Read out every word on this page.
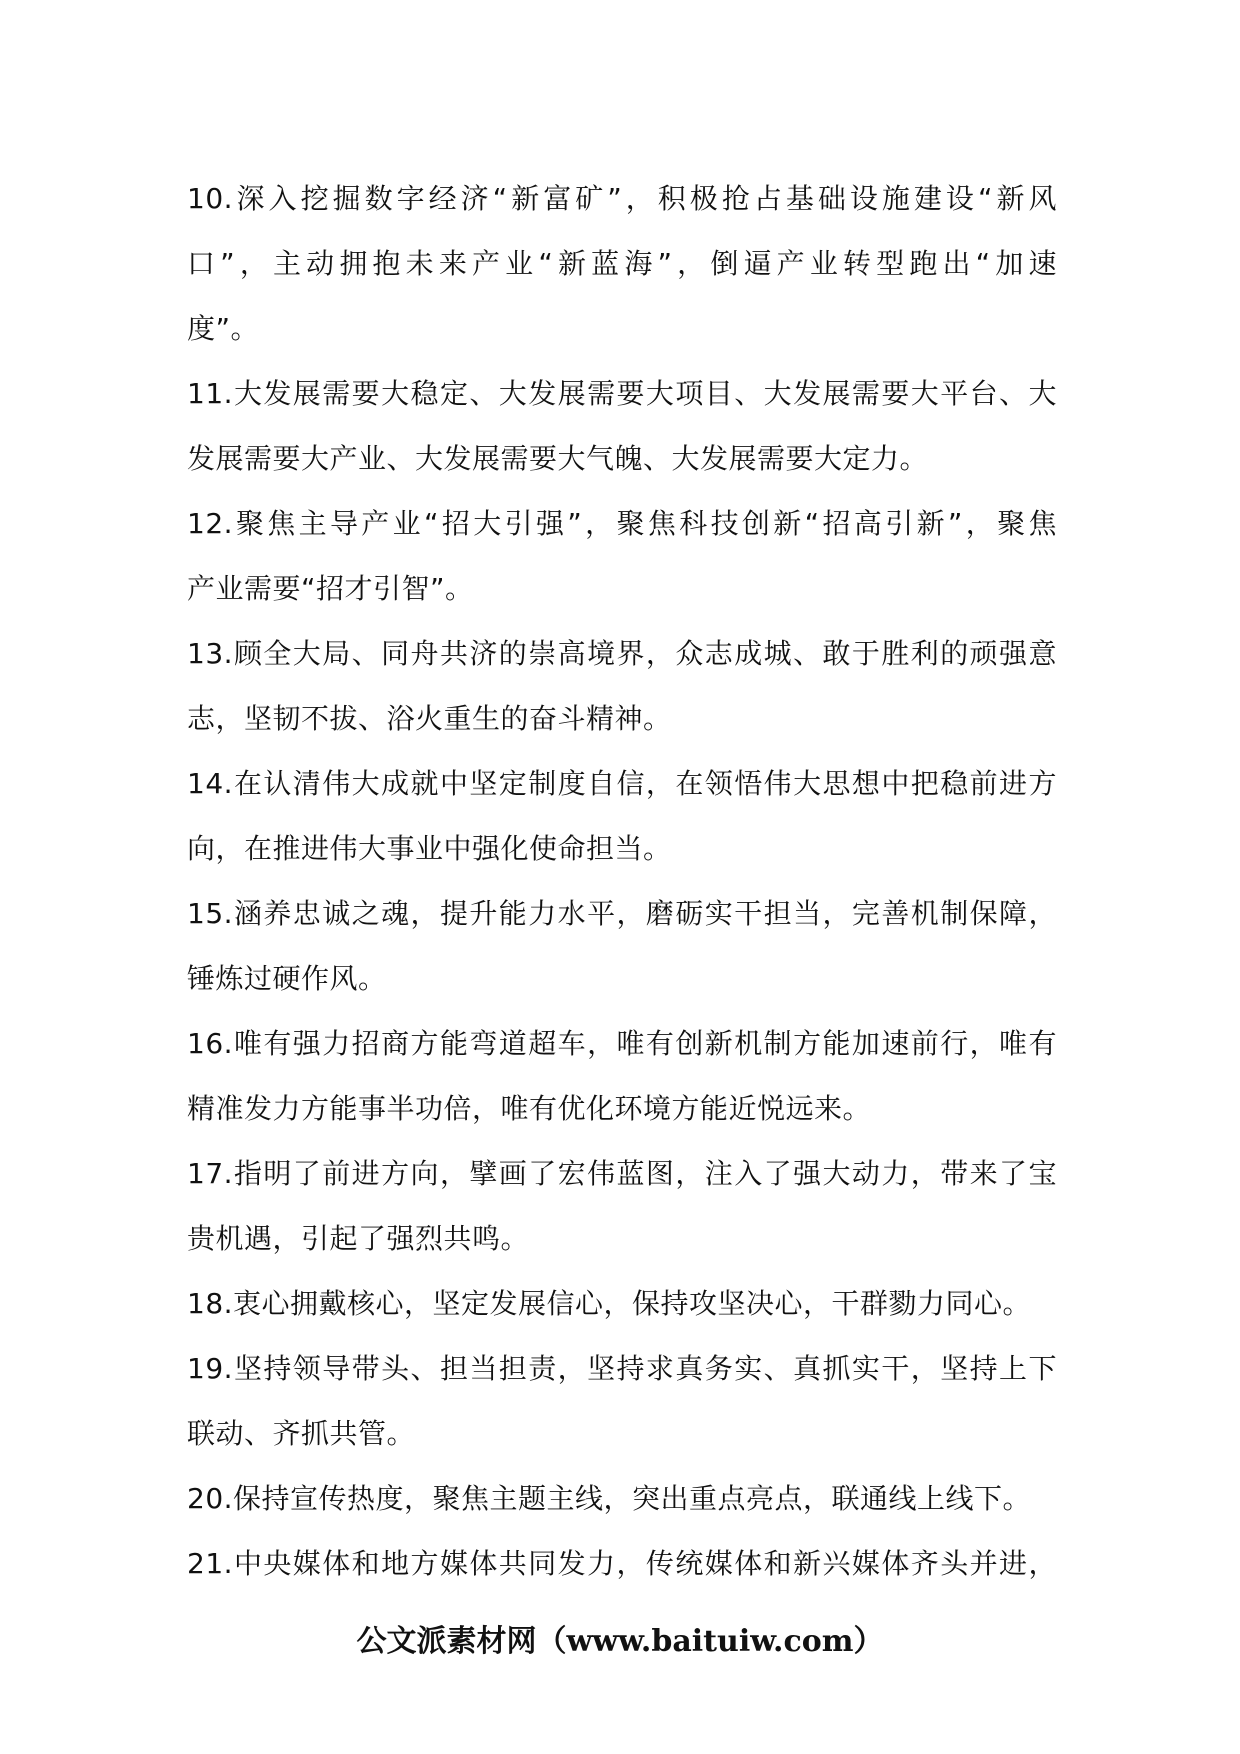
10.深入挖掘数字经济“新富矿”，积极抢占基础设施建设“新风
口”，主动拥抱未来产业“新蓝海”，倒逼产业转型跑出“加速
度”。
11.大发展需要大稳定、大发展需要大项目、大发展需要大平台、大
发展需要大产业、大发展需要大气魄、大发展需要大定力。
12.聚焦主导产业“招大引强”，聚焦科技创新“招高引新”，聚焦
产业需要“招才引智”。
13.顾全大局、同舟共济的崇高境界，众志成城、敢于胜利的顽强意
志，坚韧不拔、浴火重生的奋斗精神。
14.在认清伟大成就中坚定制度自信，在领悟伟大思想中把稳前进方
向，在推进伟大事业中强化使命担当。
15.涵养忠诚之魂，提升能力水平，磨砺实干担当，完善机制保障，
锤炼过硬作风。
16.唯有强力招商方能弯道超车，唯有创新机制方能加速前行，唯有
精准发力方能事半功倍，唯有优化环境方能近悦远来。
17.指明了前进方向，擘画了宏伟蓝图，注入了强大动力，带来了宝
贵机遇，引起了强烈共鸣。
18.衷心拥戴核心，坚定发展信心，保持攻坚决心，干群勠力同心。
19.坚持领导带头、担当担责，坚持求真务实、真抓实干，坚持上下
联动、齐抓共管。
20.保持宣传热度，聚焦主题主线，突出重点亮点，联通线上线下。
21.中央媒体和地方媒体共同发力，传统媒体和新兴媒体齐头并进，
公文派素材网（www.baituiw.com）
